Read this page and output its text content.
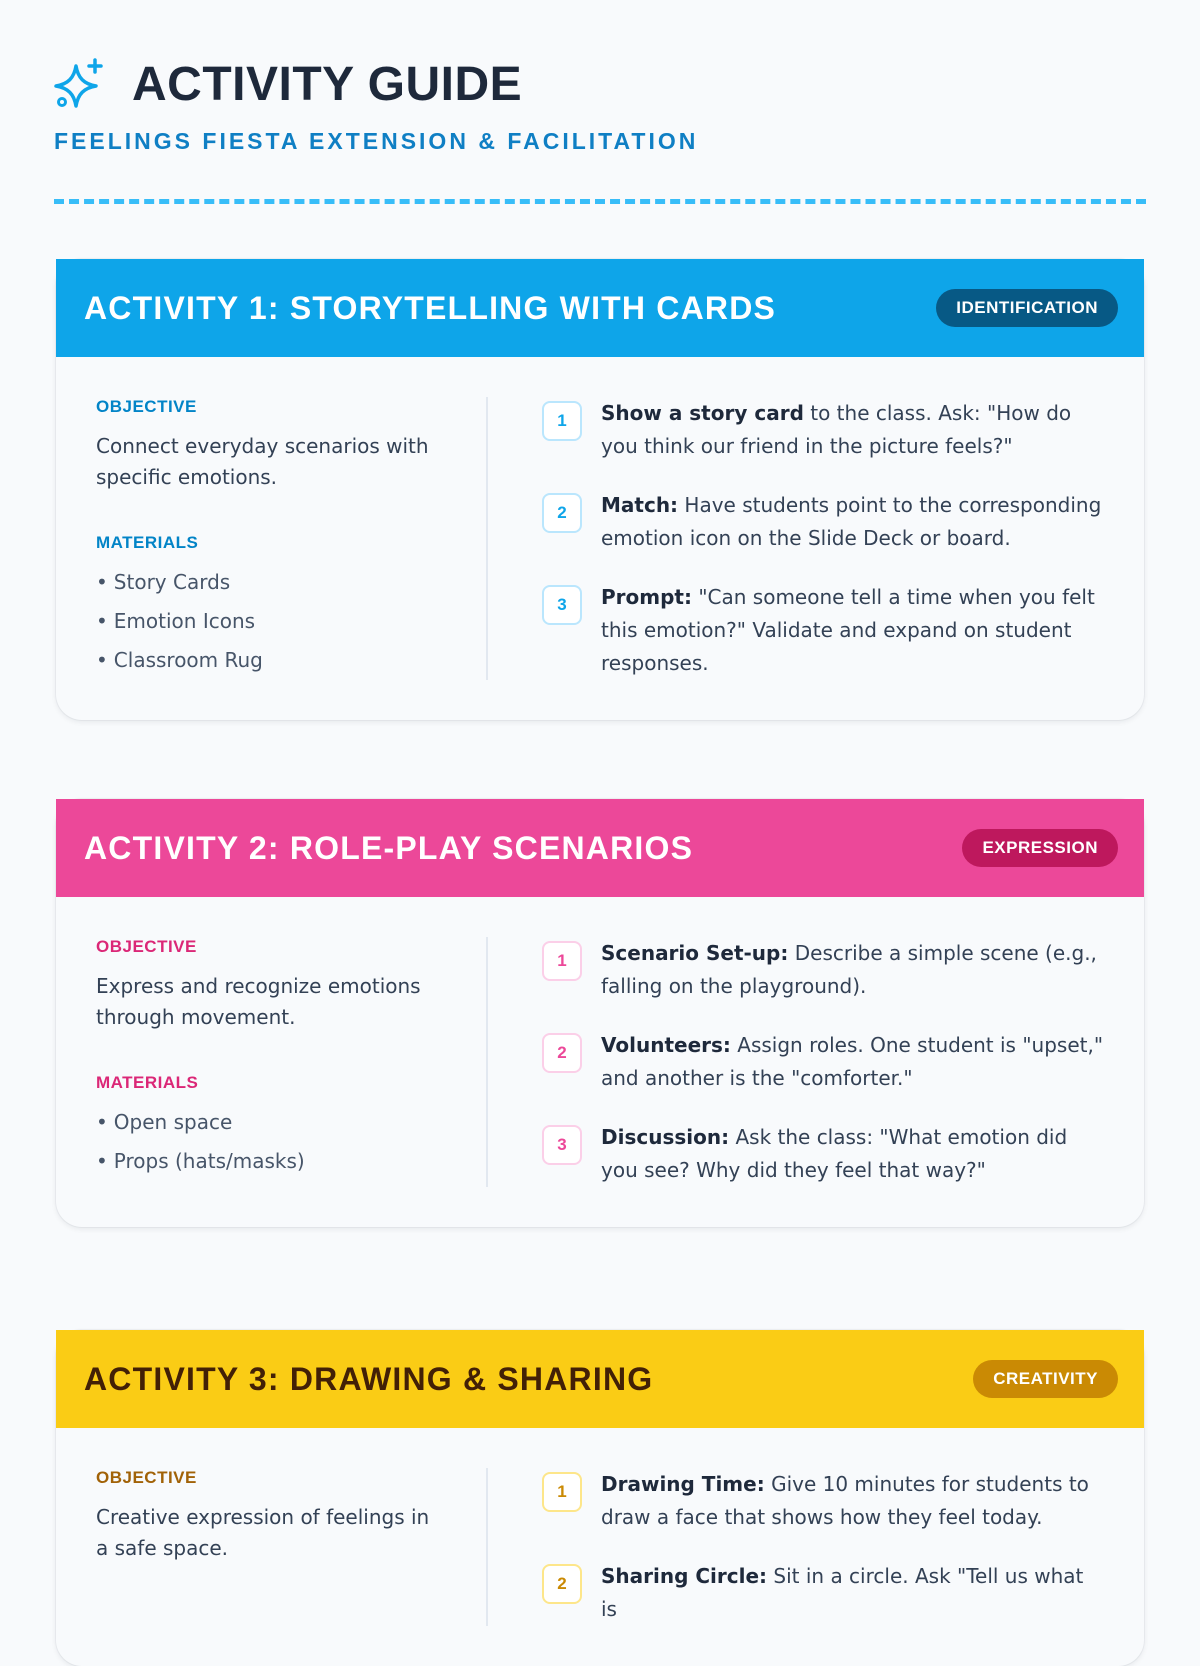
ACTIVITY GUIDE
FEELINGS FIESTA EXTENSION & FACILITATION
ACTIVITY 1: STORYTELLING WITH CARDS	IDENTIFICATION
OBJECTIVE

Connect everyday scenarios with specific emotions.

MATERIALS
• Story Cards
• Emotion Icons
• Classroom Rug
1	Show a story card to the class. Ask: "How do you think our friend in the picture feels?"

2	Match: Have students point to the corresponding emotion icon on the Slide Deck or board.

3	Prompt: "Can someone tell a time when you felt this emotion?" Validate and expand on student responses.

ACTIVITY 2: ROLE-PLAY SCENARIOS	EXPRESSION
OBJECTIVE

Express and recognize emotions through movement.

MATERIALS
• Open space
• Props (hats/masks)
1	Scenario Set-up: Describe a simple scene (e.g., falling on the playground).

2	Volunteers: Assign roles. One student is "upset," and another is the "comforter."

3	Discussion: Ask the class: "What emotion did you see? Why did they feel that way?"

ACTIVITY 3: DRAWING & SHARING	CREATIVITY
OBJECTIVE

Creative expression of feelings in a safe space.

1	Drawing Time: Give 10 minutes for students to draw a face that shows how they feel today.

2	Sharing Circle: Sit in a circle. Ask "Tell us what is
